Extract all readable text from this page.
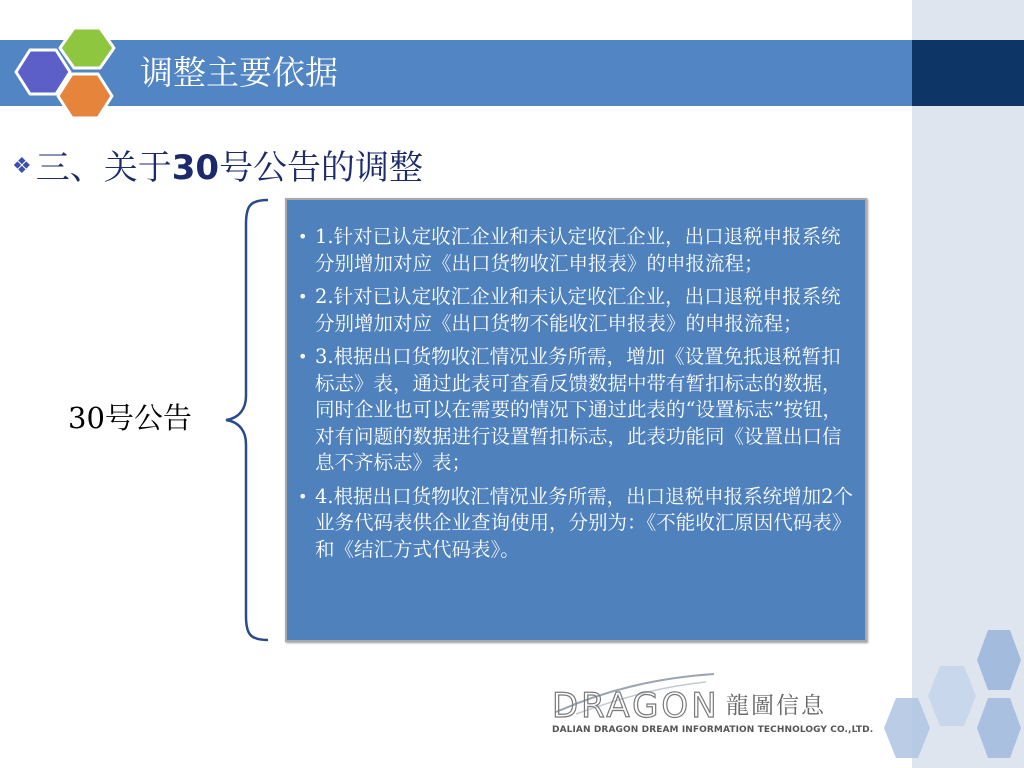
调整主要依据
❖ 三、关于30号公告的调整
30号公告
• 1.针对已认定收汇企业和未认定收汇企业，出口退税申报系统分别增加对应《出口货物收汇申报表》的申报流程；
• 2.针对已认定收汇企业和未认定收汇企业，出口退税申报系统分别增加对应《出口货物不能收汇申报表》的申报流程；
• 3.根据出口货物收汇情况业务所需，增加《设置免抵退税暂扣标志》表，通过此表可查看反馈数据中带有暂扣标志的数据，同时企业也可以在需要的情况下通过此表的“设置标志”按钮，对有问题的数据进行设置暂扣标志，此表功能同《设置出口信息不齐标志》表；
• 4.根据出口货物收汇情况业务所需，出口退税申报系统增加2个业务代码表供企业查询使用，分别为：《不能收汇原因代码表》和《结汇方式代码表》。
DRAGON 龍圖信息
DALIAN DRAGON DREAM INFORMATION TECHNOLOGY CO.,LTD.
